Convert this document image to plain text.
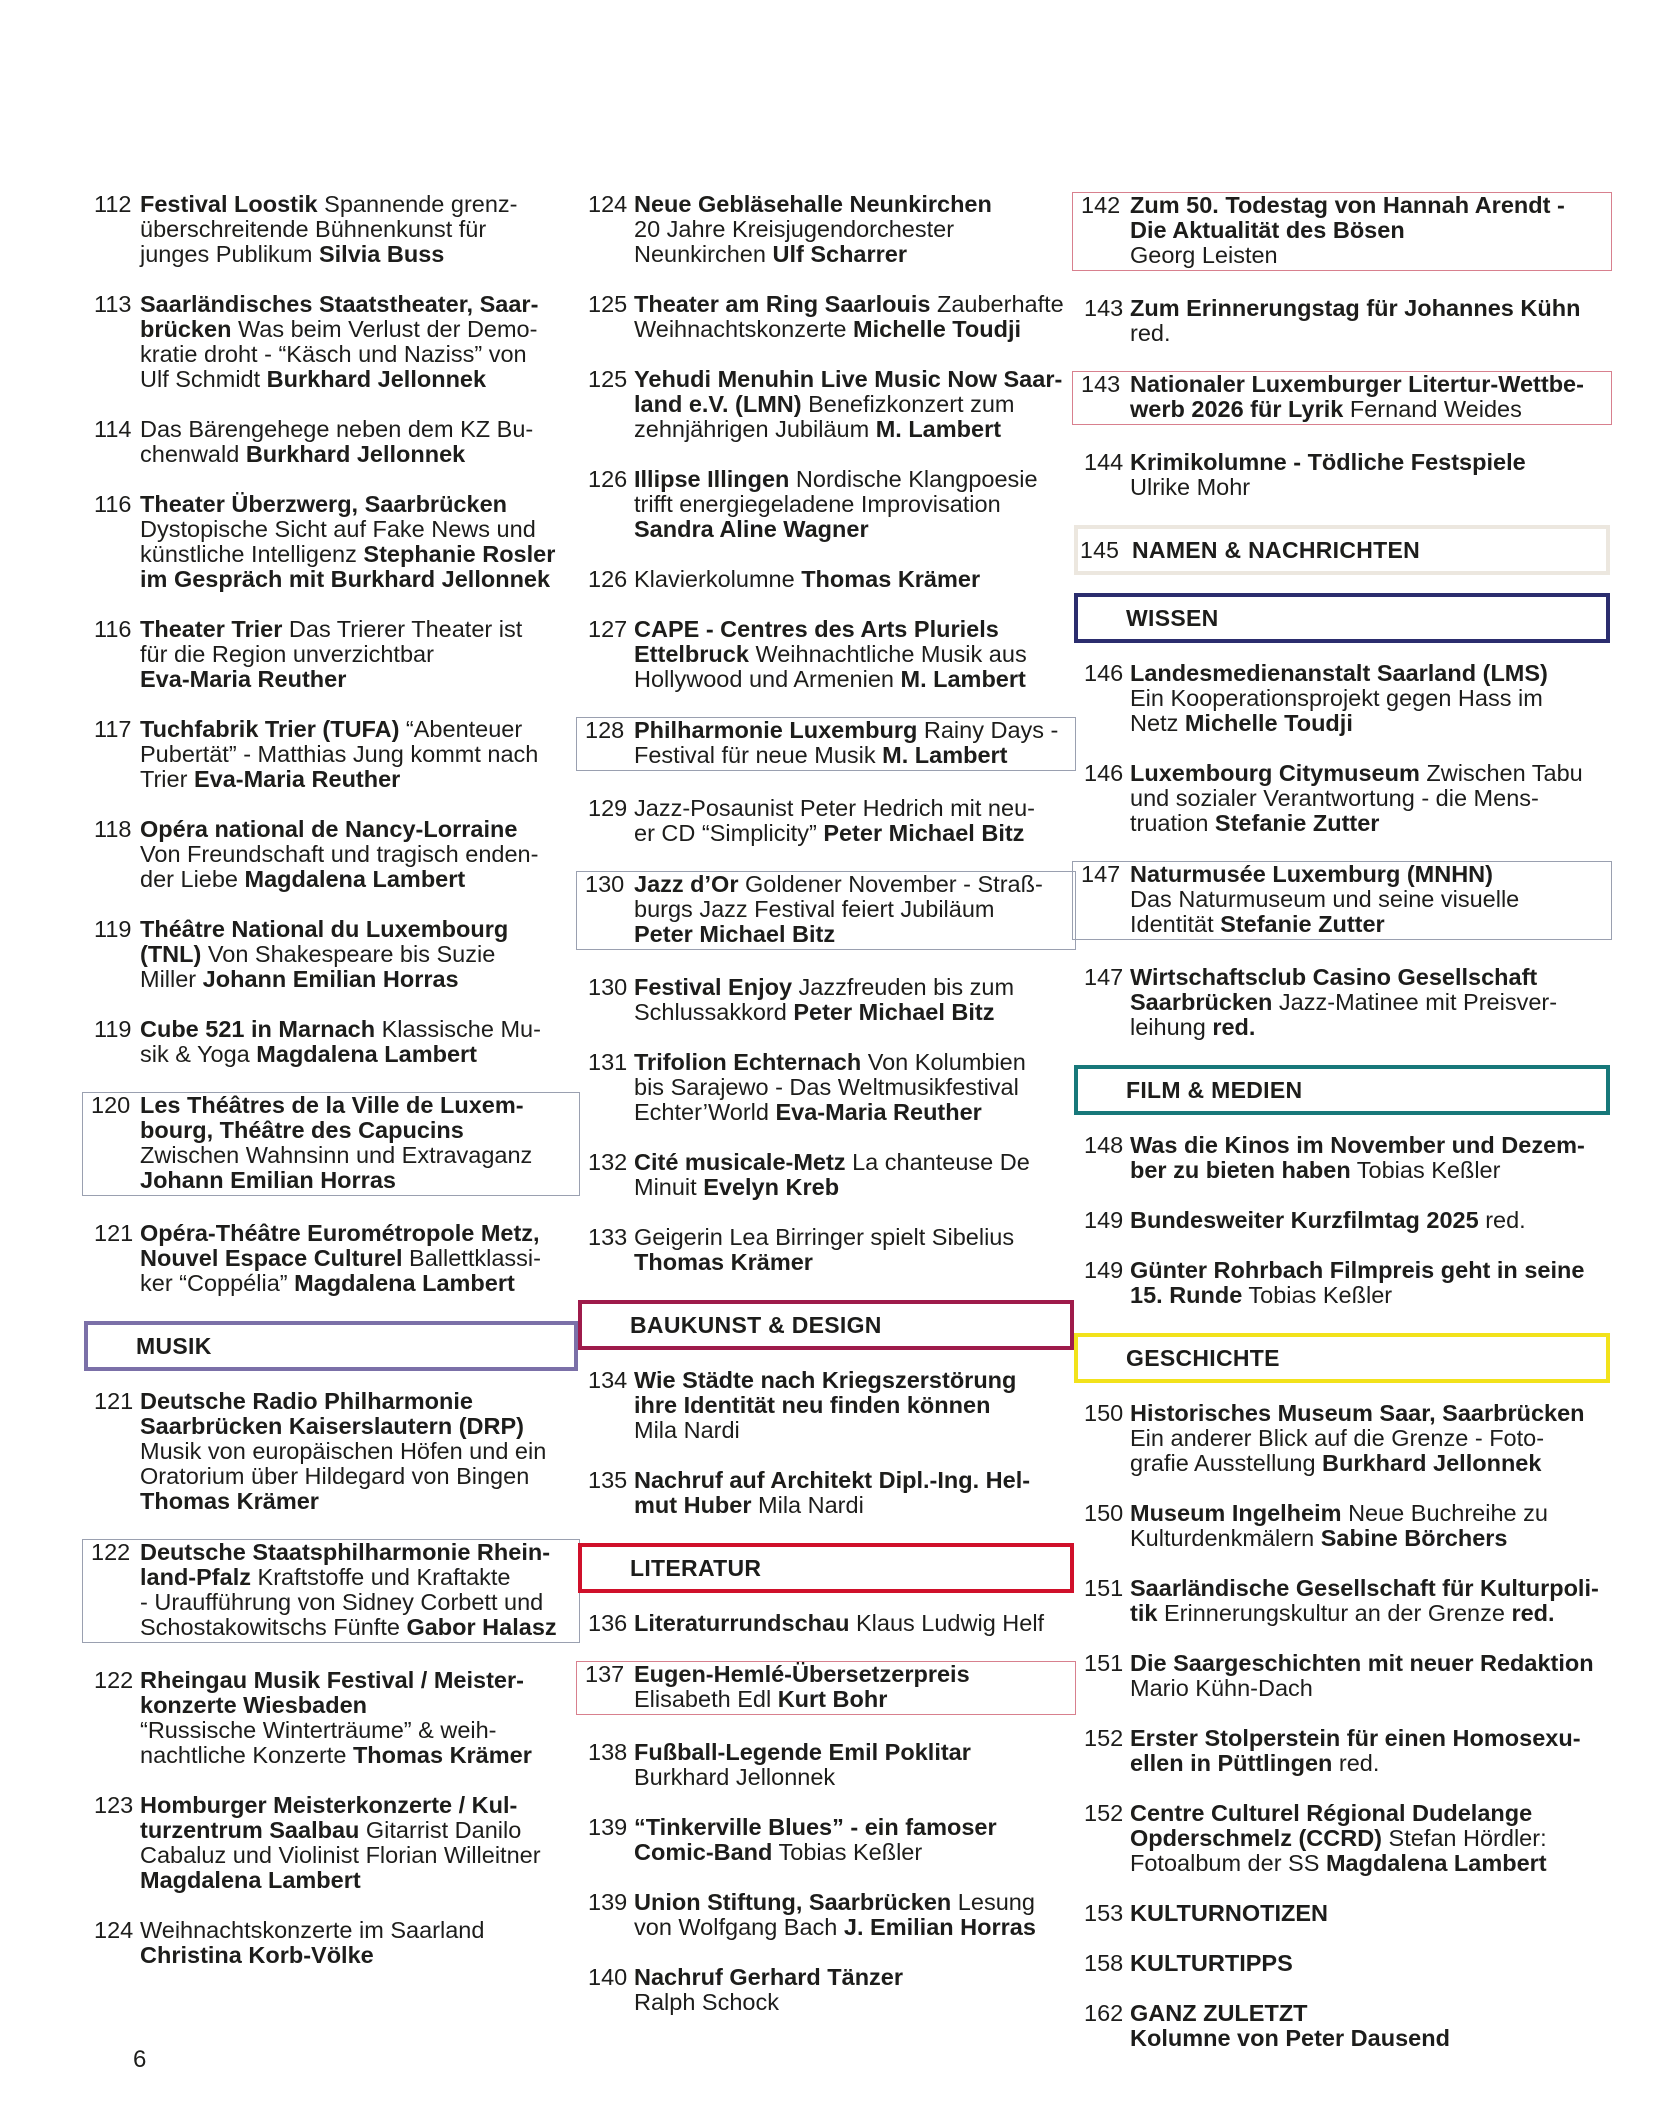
112 Festival Loostik Spannende grenz-
überschreitende Bühnenkunst für
junges Publikum Silvia Buss
113 Saarländisches Staatstheater, Saar-
brücken Was beim Verlust der Demo-
kratie droht - “Käsch und Naziss” von
Ulf Schmidt Burkhard Jellonnek
114 Das Bärengehege neben dem KZ Bu-
chenwald Burkhard Jellonnek
116 Theater Überzwerg, Saarbrücken
Dystopische Sicht auf Fake News und
künstliche Intelligenz Stephanie Rosler
im Gespräch mit Burkhard Jellonnek
116 Theater Trier Das Trierer Theater ist
für die Region unverzichtbar
Eva-Maria Reuther
117 Tuchfabrik Trier (TUFA) “Abenteuer
Pubertät” - Matthias Jung kommt nach
Trier Eva-Maria Reuther
118 Opéra national de Nancy-Lorraine
Von Freundschaft und tragisch enden-
der Liebe Magdalena Lambert
119 Théâtre National du Luxembourg
(TNL) Von Shakespeare bis Suzie
Miller Johann Emilian Horras
119 Cube 521 in Marnach Klassische Mu-
sik & Yoga Magdalena Lambert
120 Les Théâtres de la Ville de Luxem-
bourg, Théâtre des Capucins
Zwischen Wahnsinn und Extravaganz
Johann Emilian Horras
121 Opéra-Théâtre Eurométropole Metz,
Nouvel Espace Culturel Ballettklassi-
ker “Coppélia” Magdalena Lambert
MUSIK
121 Deutsche Radio Philharmonie
Saarbrücken Kaiserslautern (DRP)
Musik von europäischen Höfen und ein
Oratorium über Hildegard von Bingen
Thomas Krämer
122 Deutsche Staatsphilharmonie Rhein-
land-Pfalz Kraftstoffe und Kraftakte
- Uraufführung von Sidney Corbett und
Schostakowitschs Fünfte Gabor Halasz
122 Rheingau Musik Festival / Meister-
konzerte Wiesbaden
“Russische Winterträume” & weih-
nachtliche Konzerte Thomas Krämer
123 Homburger Meisterkonzerte / Kul-
turzentrum Saalbau Gitarrist Danilo
Cabaluz und Violinist Florian Willeitner
Magdalena Lambert
124 Weihnachtskonzerte im Saarland
Christina Korb-Völke
124 Neue Gebläsehalle Neunkirchen
20 Jahre Kreisjugendorchester
Neunkirchen Ulf Scharrer
125 Theater am Ring Saarlouis Zauberhafte
Weihnachtskonzerte Michelle Toudji
125 Yehudi Menuhin Live Music Now Saar-
land e.V. (LMN) Benefizkonzert zum
zehnjährigen Jubiläum M. Lambert
126 Illipse Illingen Nordische Klangpoesie
trifft energiegeladene Improvisation
Sandra Aline Wagner
126 Klavierkolumne Thomas Krämer
127 CAPE - Centres des Arts Pluriels
Ettelbruck Weihnachtliche Musik aus
Hollywood und Armenien M. Lambert
128 Philharmonie Luxemburg Rainy Days -
Festival für neue Musik M. Lambert
129 Jazz-Posaunist Peter Hedrich mit neu-
er CD “Simplicity” Peter Michael Bitz
130 Jazz d’Or Goldener November - Straß-
burgs Jazz Festival feiert Jubiläum
Peter Michael Bitz
130 Festival Enjoy Jazzfreuden bis zum
Schlussakkord Peter Michael Bitz
131 Trifolion Echternach Von Kolumbien
bis Sarajewo - Das Weltmusikfestival
Echter’World Eva-Maria Reuther
132 Cité musicale-Metz La chanteuse De
Minuit Evelyn Kreb
133 Geigerin Lea Birringer spielt Sibelius
Thomas Krämer
BAUKUNST & DESIGN
134 Wie Städte nach Kriegszerstörung
ihre Identität neu finden können
Mila Nardi
135 Nachruf auf Architekt Dipl.-Ing. Hel-
mut Huber Mila Nardi
LITERATUR
136 Literaturrundschau Klaus Ludwig Helf
137 Eugen-Hemlé-Übersetzerpreis
Elisabeth Edl Kurt Bohr
138 Fußball-Legende Emil Poklitar
Burkhard Jellonnek
139 “Tinkerville Blues” - ein famoser
Comic-Band Tobias Keßler
139 Union Stiftung, Saarbrücken Lesung
von Wolfgang Bach J. Emilian Horras
140 Nachruf Gerhard Tänzer
Ralph Schock
142 Zum 50. Todestag von Hannah Arendt -
Die Aktualität des Bösen
Georg Leisten
143 Zum Erinnerungstag für Johannes Kühn red.
143 Nationaler Luxemburger Litertur-Wettbe-
werb 2026 für Lyrik Fernand Weides
144 Krimikolumne - Tödliche Festspiele
Ulrike Mohr
145 NAMEN & NACHRICHTEN
WISSEN
146 Landesmedienanstalt Saarland (LMS)
Ein Kooperationsprojekt gegen Hass im
Netz Michelle Toudji
146 Luxembourg Citymuseum Zwischen Tabu
und sozialer Verantwortung - die Mens-
truation Stefanie Zutter
147 Naturmusée Luxemburg (MNHN)
Das Naturmuseum und seine visuelle
Identität Stefanie Zutter
147 Wirtschaftsclub Casino Gesellschaft
Saarbrücken Jazz-Matinee mit Preisver-
leihung red.
FILM & MEDIEN
148 Was die Kinos im November und Dezem-
ber zu bieten haben Tobias Keßler
149 Bundesweiter Kurzfilmtag 2025 red.
149 Günter Rohrbach Filmpreis geht in seine
15. Runde Tobias Keßler
GESCHICHTE
150 Historisches Museum Saar, Saarbrücken
Ein anderer Blick auf die Grenze - Foto-
grafie Ausstellung Burkhard Jellonnek
150 Museum Ingelheim Neue Buchreihe zu
Kulturdenkmälern Sabine Börchers
151 Saarländische Gesellschaft für Kulturpoli-
tik Erinnerungskultur an der Grenze red.
151 Die Saargeschichten mit neuer Redaktion
Mario Kühn-Dach
152 Erster Stolperstein für einen Homosexu-
ellen in Püttlingen red.
152 Centre Culturel Régional Dudelange
Opderschmelz (CCRD) Stefan Hördler:
Fotoalbum der SS Magdalena Lambert
153 KULTURNOTIZEN
158 KULTURTIPPS
162 GANZ ZULETZT
Kolumne von Peter Dausend
6
